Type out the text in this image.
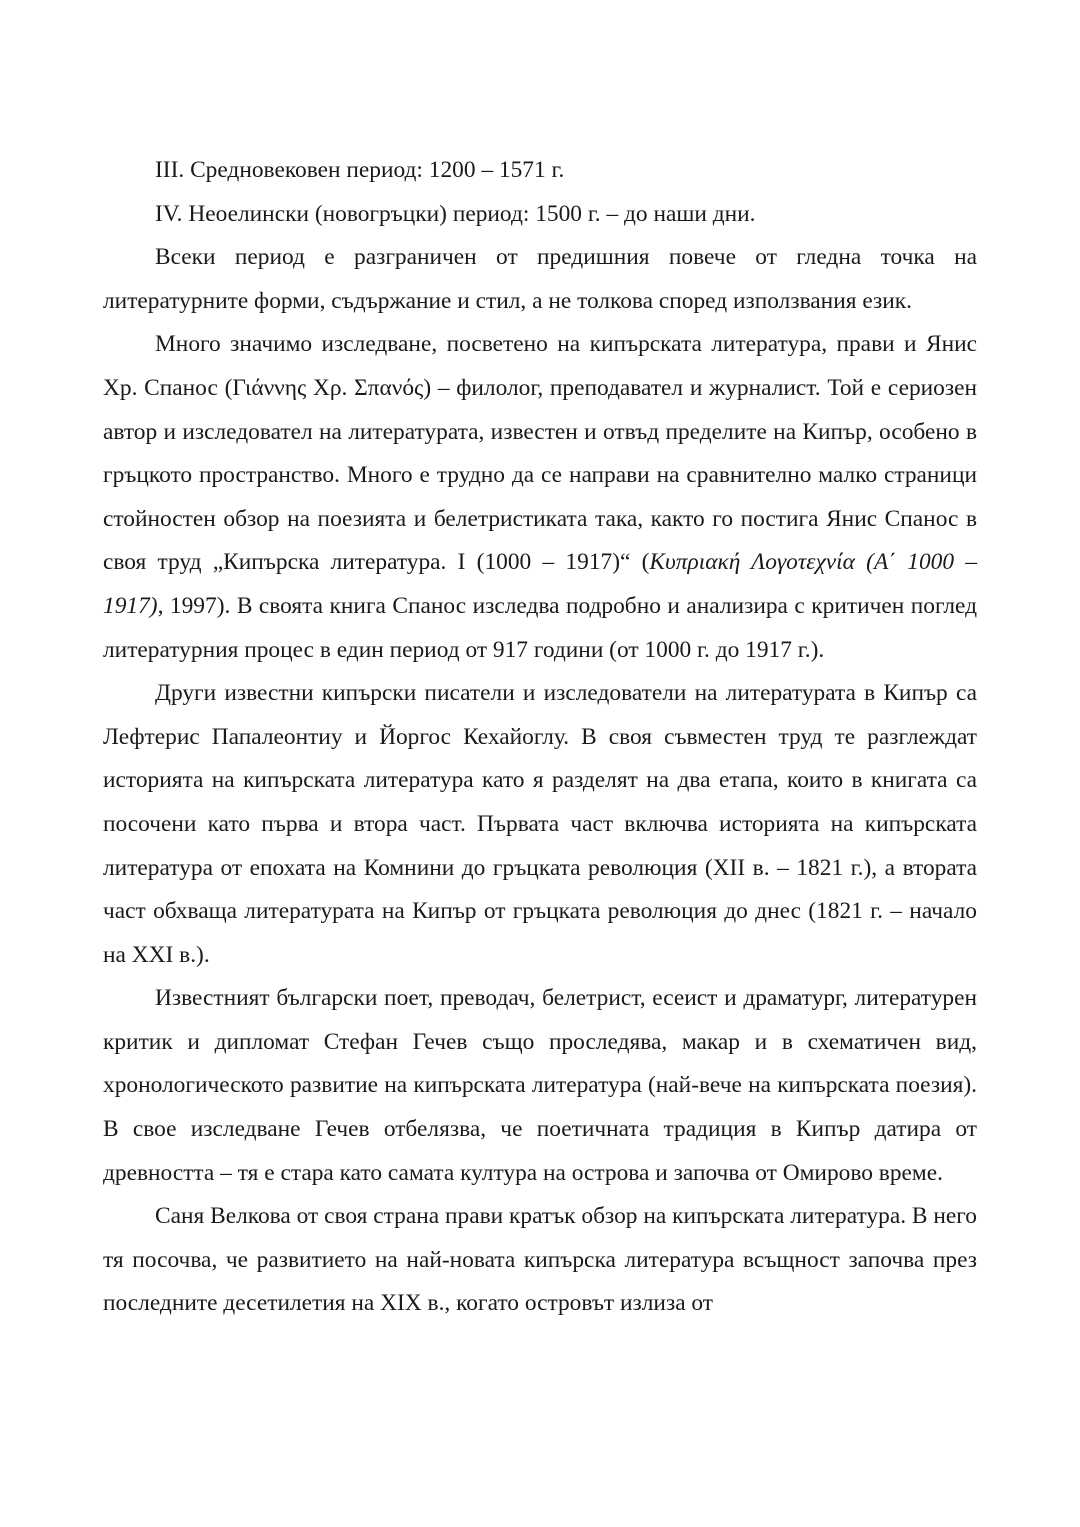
III. Средновековен период: 1200 – 1571 г.

IV. Неоелински (новогръцки) период: 1500 г. – до наши дни.

Всеки период е разграничен от предишния повече от гледна точка на литературните форми, съдържание и стил, а не толкова според използвания език.

Много значимо изследване, посветено на кипърската литература, прави и Янис Хр. Спанос (Γιάννης Χρ. Σπανός) – филолог, преподавател и журналист. Той е сериозен автор и изследовател на литературата, известен и отвъд пределите на Кипър, особено в гръцкото пространство. Много е трудно да се направи на сравнително малко страници стойностен обзор на поезията и белетристиката така, както го постига Янис Спанос в своя труд „Кипърска литература. I (1000 – 1917)“ (Κυπριακή Λογοτεχνία (Α΄ 1000 – 1917), 1997). В своята книга Спанос изследва подробно и анализира с критичен поглед литературния процес в един период от 917 години (от 1000 г. до 1917 г.).

Други известни кипърски писатели и изследователи на литературата в Кипър са Лефтерис Папалеонтиу и Йоргос Кехайоглу. В своя съвместен труд те разглеждат историята на кипърската литература като я разделят на два етапа, които в книгата са посочени като първа и втора част. Първата част включва историята на кипърската литература от епохата на Комнини до гръцката революция (XII в. – 1821 г.), а втората част обхваща литературата на Кипър от гръцката революция до днес (1821 г. – начало на XXI в.).

Известният български поет, преводач, белетрист, есеист и драматург, литературен критик и дипломат Стефан Гечев също проследява, макар и в схематичен вид, хронологическото развитие на кипърската литература (най-вече на кипърската поезия). В свое изследване Гечев отбелязва, че поетичната традиция в Кипър датира от древността – тя е стара като самата култура на острова и започва от Омирово време.

Саня Велкова от своя страна прави кратък обзор на кипърската литература. В него тя посочва, че развитието на най-новата кипърска литература всъщност започва през последните десетилетия на XIX в., когато островът излиза от
